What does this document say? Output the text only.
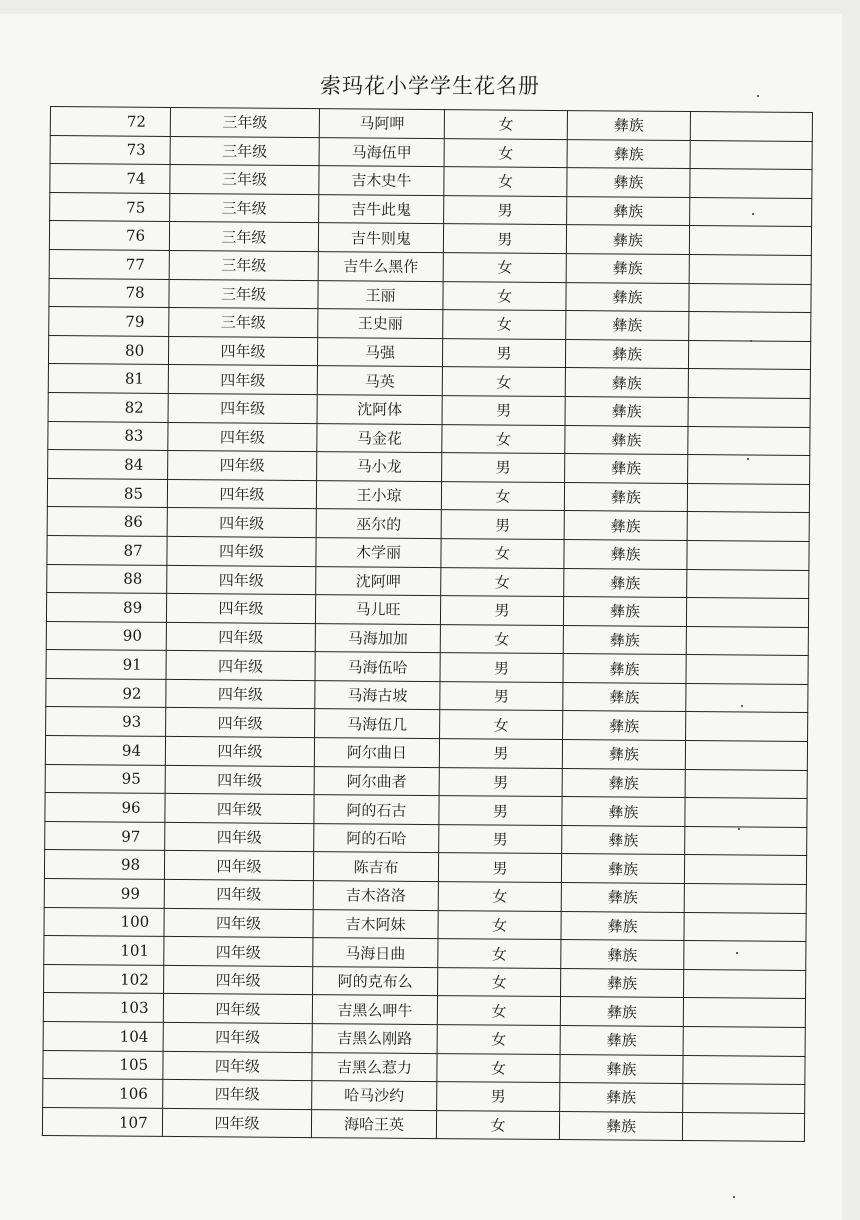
索玛花小学学生花名册
72	三年级	马阿呷	女	彝族	
73	三年级	马海伍甲	女	彝族	
74	三年级	吉木史牛	女	彝族	
75	三年级	吉牛此鬼	男	彝族	
76	三年级	吉牛则鬼	男	彝族	
77	三年级	吉牛么黑作	女	彝族	
78	三年级	王丽	女	彝族	
79	三年级	王史丽	女	彝族	
80	四年级	马强	男	彝族	
81	四年级	马英	女	彝族	
82	四年级	沈阿体	男	彝族	
83	四年级	马金花	女	彝族	
84	四年级	马小龙	男	彝族	
85	四年级	王小琼	女	彝族	
86	四年级	巫尔的	男	彝族	
87	四年级	木学丽	女	彝族	
88	四年级	沈阿呷	女	彝族	
89	四年级	马儿旺	男	彝族	
90	四年级	马海加加	女	彝族	
91	四年级	马海伍哈	男	彝族	
92	四年级	马海古坡	男	彝族	
93	四年级	马海伍几	女	彝族	
94	四年级	阿尔曲日	男	彝族	
95	四年级	阿尔曲者	男	彝族	
96	四年级	阿的石古	男	彝族	
97	四年级	阿的石哈	男	彝族	
98	四年级	陈吉布	男	彝族	
99	四年级	吉木洛洛	女	彝族	
100	四年级	吉木阿妹	女	彝族	
101	四年级	马海日曲	女	彝族	
102	四年级	阿的克布么	女	彝族	
103	四年级	吉黑么呷牛	女	彝族	
104	四年级	吉黑么刚路	女	彝族	
105	四年级	吉黑么惹力	女	彝族	
106	四年级	哈马沙约	男	彝族	
107	四年级	海哈王英	女	彝族	
